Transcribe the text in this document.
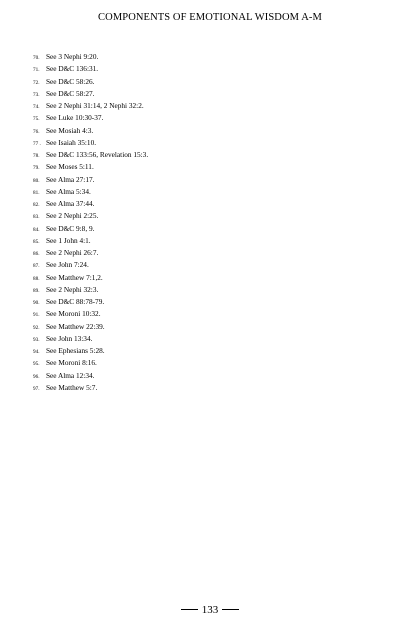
COMPONENTS OF EMOTIONAL WISDOM A-M
70. See 3 Nephi 9:20.
71. See D&C 136:31.
72. See D&C 58:26.
73. See D&C 58:27.
74. See 2 Nephi 31:14, 2 Nephi 32:2.
75. See Luke 10:30-37.
76. See Mosiah 4:3.
77 . See Isaiah 35:10.
78. See D&C 133:56, Revelation 15:3.
79. See Moses 5:11.
80. See Alma 27:17.
81. See Alma 5:34.
82. See Alma 37:44.
83. See 2 Nephi 2:25.
84. See D&C 9:8, 9.
85. See 1 John 4:1.
86. See 2 Nephi 26:7.
87. See John 7:24.
88. See Matthew 7:1,2.
89. See 2 Nephi 32:3.
90. See D&C 88:78-79.
91. See Moroni 10:32.
92. See Matthew 22:39.
93. See John 13:34.
94. See Ephesians 5:28.
95. See Moroni 8:16.
96. See Alma 12:34.
97. See Matthew 5:7.
133
